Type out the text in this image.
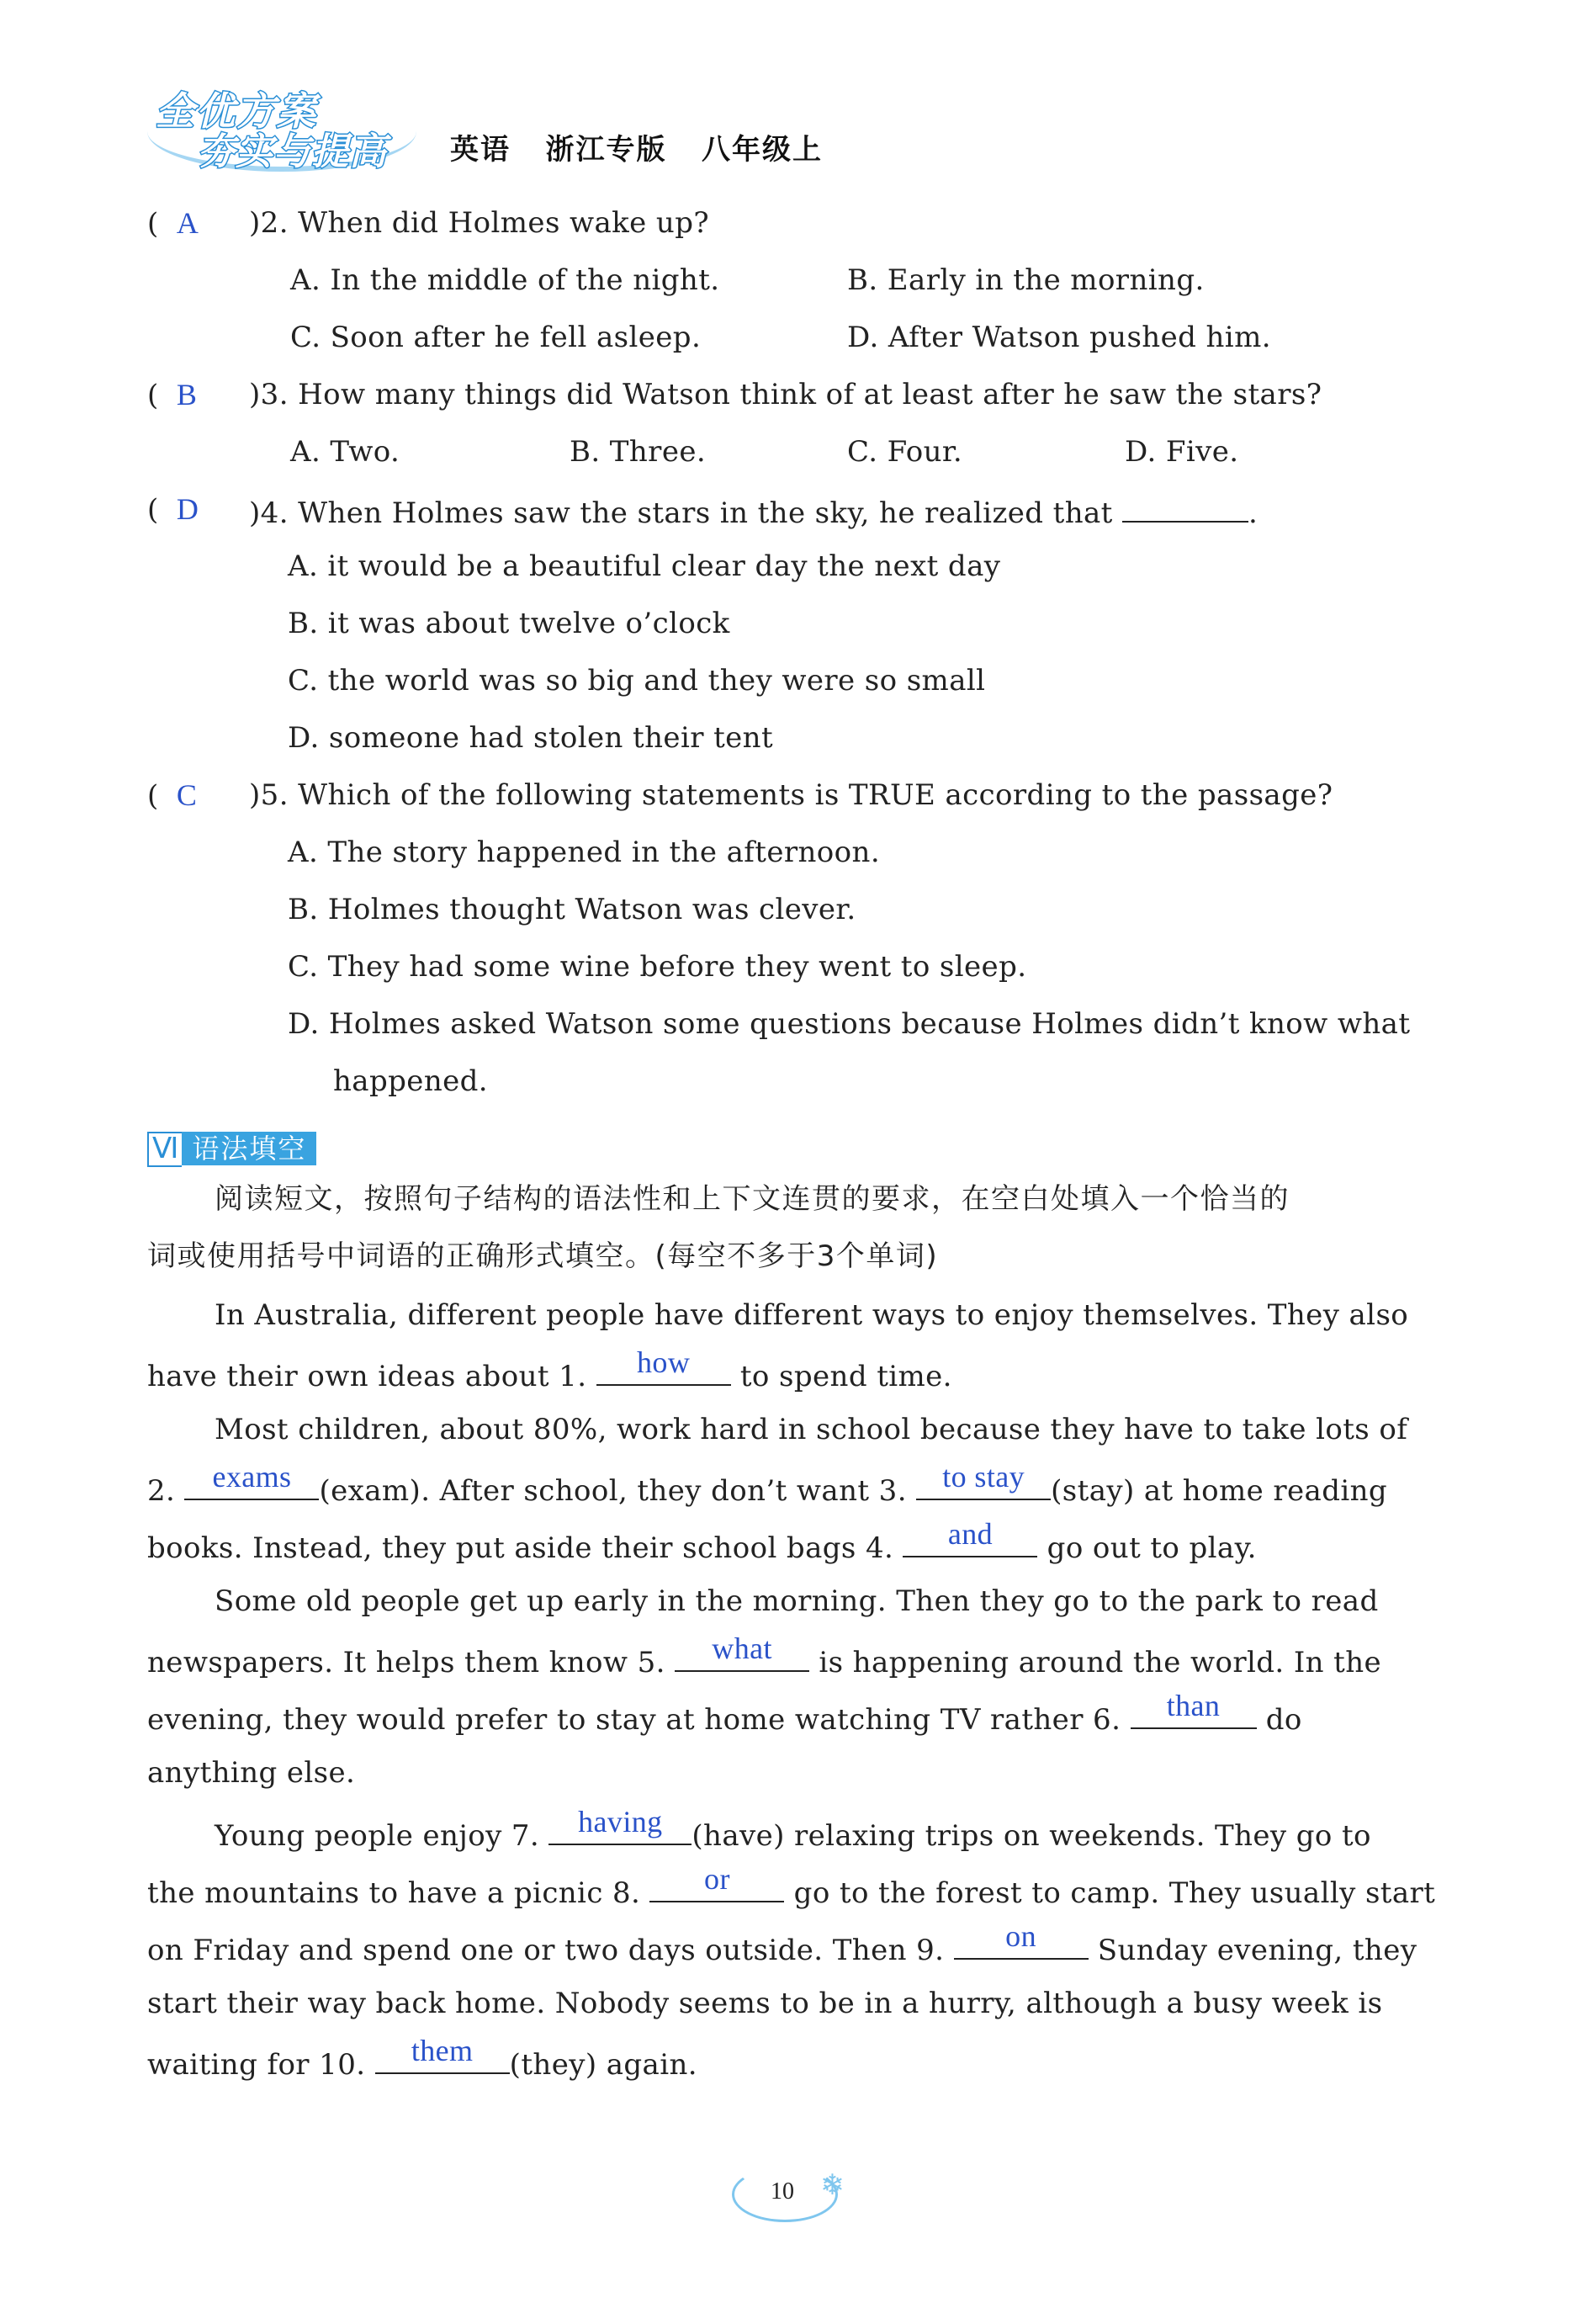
全优方案
夯实与提高 英语   浙江专版   八年级上
(  A	)2. When did Holmes wake up?
A. In the middle of the night.	B. Early in the morning.
C. Soon after he fell asleep.	D. After Watson pushed him.
(  B	)3. How many things did Watson think of at least after he saw the stars?
A. Two.	B. Three.	C. Four.	D. Five.
(  D	)4. When Holmes saw the stars in the sky, he realized that	.
A. it would be a beautiful clear day the next day
B. it was about twelve o’clock
C. the world was so big and they were so small
D. someone had stolen their tent
(  C	)5. Which of the following statements is TRUE according to the passage?
A. The story happened in the afternoon.
B. Holmes thought Watson was clever.
C. They had some wine before they went to sleep.
D. Holmes asked Watson some questions because Holmes didn’t know what
happened.
Ⅵ 语法填空
阅读短文，按照句子结构的语法性和上下文连贯的要求，在空白处填入一个恰当的
词或使用括号中词语的正确形式填空。(每空不多于3个单词)
In Australia, different people have different ways to enjoy themselves. They also
have their own ideas about 1.	how	to spend time.
Most children, about 80%, work hard in school because they have to take lots of
2.	exams (exam). After school, they don’t want 3.	to stay (stay) at home reading
books. Instead, they put aside their school bags 4.	and	go out to play.
Some old people get up early in the morning. Then they go to the park to read
newspapers. It helps them know 5.	what	is happening around the world. In the
evening, they would prefer to stay at home watching TV rather 6.	than	do
anything else.
Young people enjoy 7.	having	(have) relaxing trips on weekends. They go to
the mountains to have a picnic 8.	or	go to the forest to camp. They usually start
on Friday and spend one or two days outside. Then 9.	on	Sunday evening, they
start their way back home. Nobody seems to be in a hurry, although a busy week is
waiting for 10.	them	(they) again.
10 ❄
